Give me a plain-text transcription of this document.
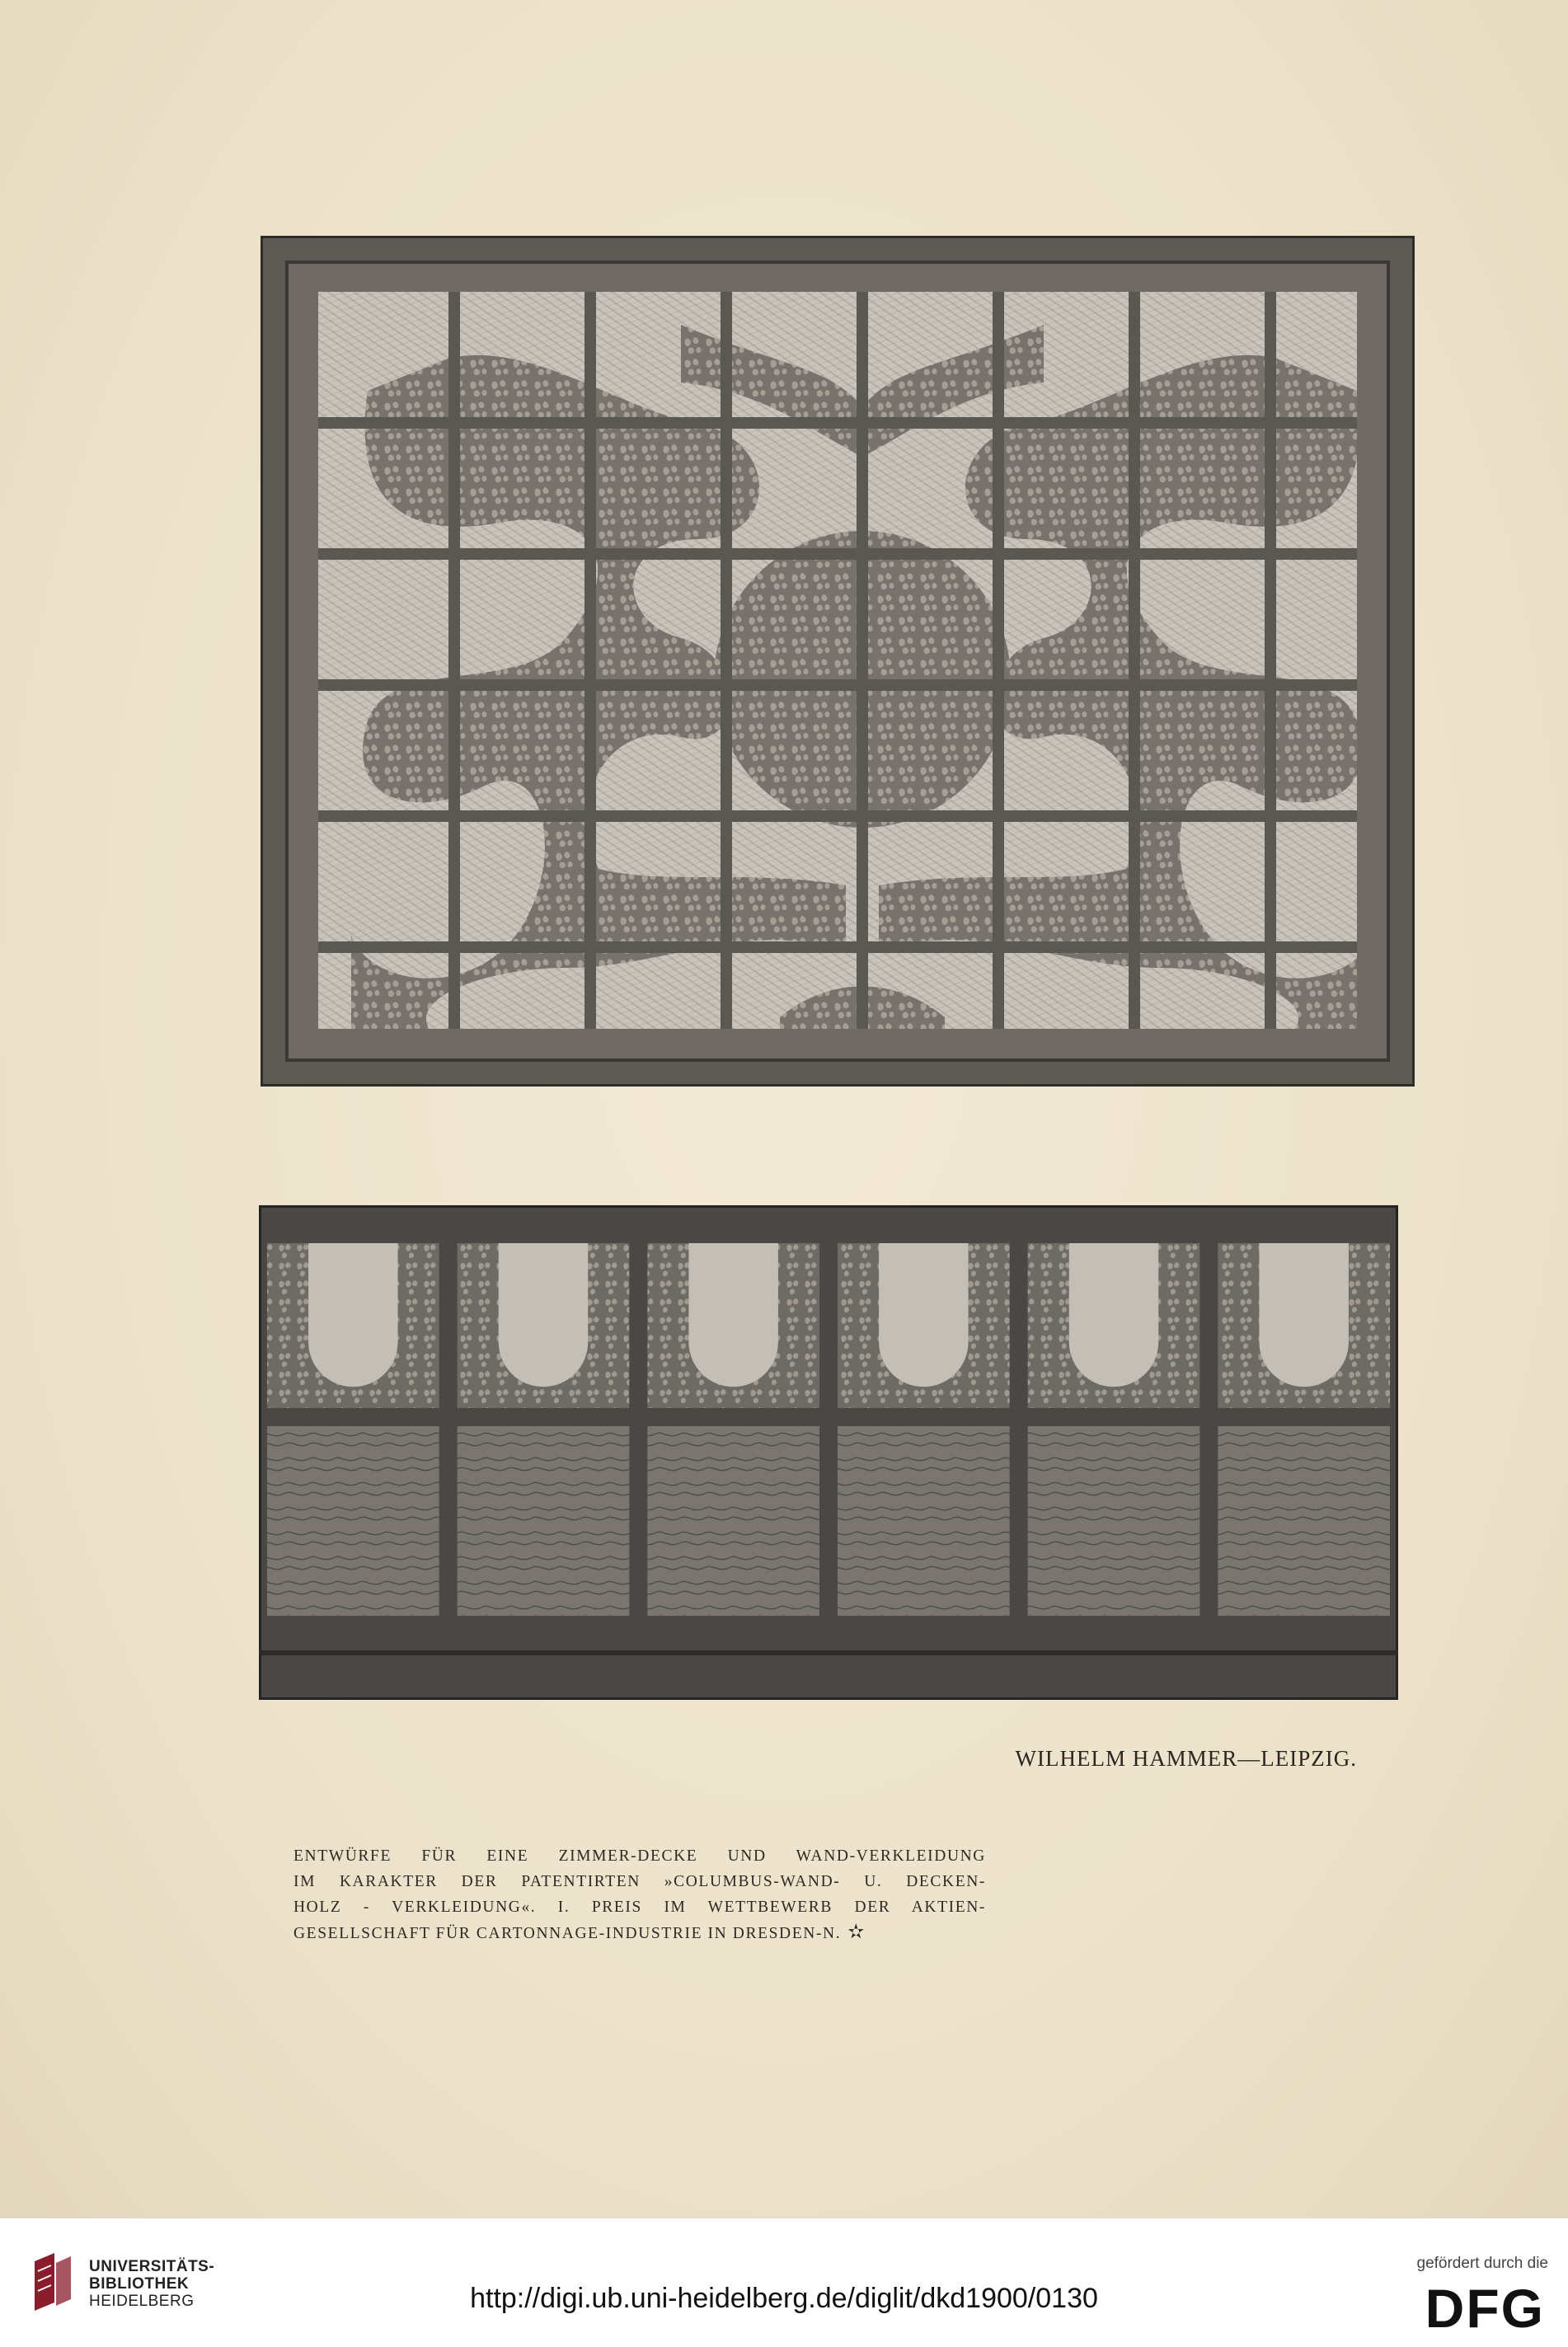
WILHELM HAMMER—LEIPZIG.
ENTWÜRFE FÜR EINE ZIMMER-DECKE UND WAND-VERKLEIDUNG
IM KARAKTER DER PATENTIRTEN »COLUMBUS-WAND- U. DECKEN-
HOLZ - VERKLEIDUNG«. I. PREIS IM WETTBEWERB DER AKTIEN-
GESELLSCHAFT FÜR CARTONNAGE-INDUSTRIE IN DRESDEN-N. ✫
UNIVERSITÄTS-
BIBLIOTHEK
HEIDELBERG	http://digi.ub.uni-heidelberg.de/diglit/dkd1900/0130
gefördert durch die
DFG
